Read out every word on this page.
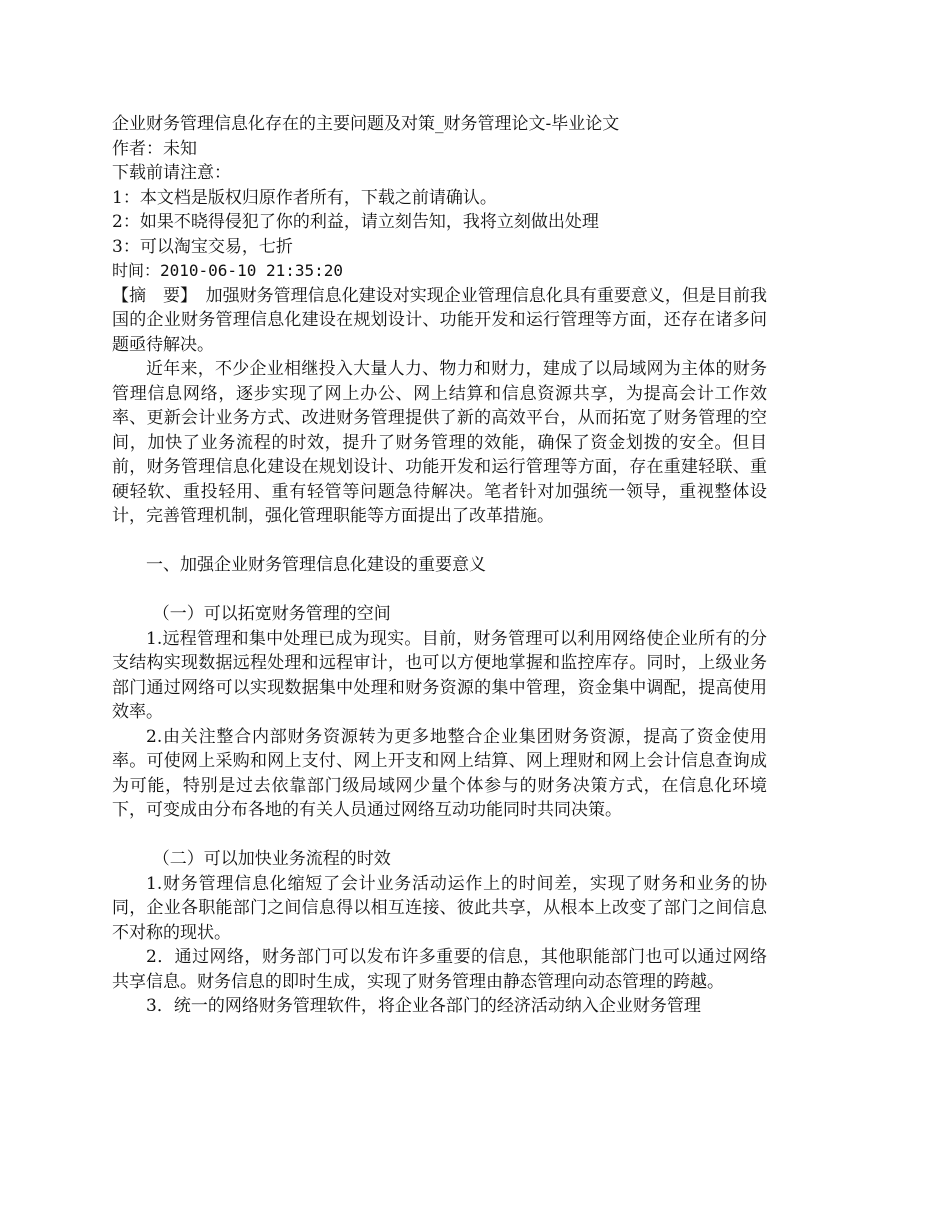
企业财务管理信息化存在的主要问题及对策_财务管理论文-毕业论文

作者：未知

下载前请注意：

1：本文档是版权归原作者所有，下载之前请确认。

2：如果不晓得侵犯了你的利益，请立刻告知，我将立刻做出处理

3：可以淘宝交易，七折

时间：2010-06-10 21:35:20

【摘　要】　加强财务管理信息化建设对实现企业管理信息化具有重要意义，但是目前我国的企业财务管理信息化建设在规划设计、功能开发和运行管理等方面，还存在诸多问题亟待解决。

近年来，不少企业相继投入大量人力、物力和财力，建成了以局域网为主体的财务管理信息网络，逐步实现了网上办公、网上结算和信息资源共享，为提高会计工作效率、更新会计业务方式、改进财务管理提供了新的高效平台，从而拓宽了财务管理的空间，加快了业务流程的时效，提升了财务管理的效能，确保了资金划拨的安全。但目前，财务管理信息化建设在规划设计、功能开发和运行管理等方面，存在重建轻联、重硬轻软、重投轻用、重有轻管等问题急待解决。笔者针对加强统一领导，重视整体设计，完善管理机制，强化管理职能等方面提出了改革措施。

一、加强企业财务管理信息化建设的重要意义

（一）可以拓宽财务管理的空间

1.远程管理和集中处理已成为现实。目前，财务管理可以利用网络使企业所有的分支结构实现数据远程处理和远程审计，也可以方便地掌握和监控库存。同时，上级业务部门通过网络可以实现数据集中处理和财务资源的集中管理，资金集中调配，提高使用效率。

2.由关注整合内部财务资源转为更多地整合企业集团财务资源，提高了资金使用率。可使网上采购和网上支付、网上开支和网上结算、网上理财和网上会计信息查询成为可能，特别是过去依靠部门级局域网少量个体参与的财务决策方式，在信息化环境下，可变成由分布各地的有关人员通过网络互动功能同时共同决策。

（二）可以加快业务流程的时效

1.财务管理信息化缩短了会计业务活动运作上的时间差，实现了财务和业务的协同，企业各职能部门之间信息得以相互连接、彼此共享，从根本上改变了部门之间信息不对称的现状。

2．通过网络，财务部门可以发布许多重要的信息，其他职能部门也可以通过网络共享信息。财务信息的即时生成，实现了财务管理由静态管理向动态管理的跨越。

3．统一的网络财务管理软件，将企业各部门的经济活动纳入企业财务管理
